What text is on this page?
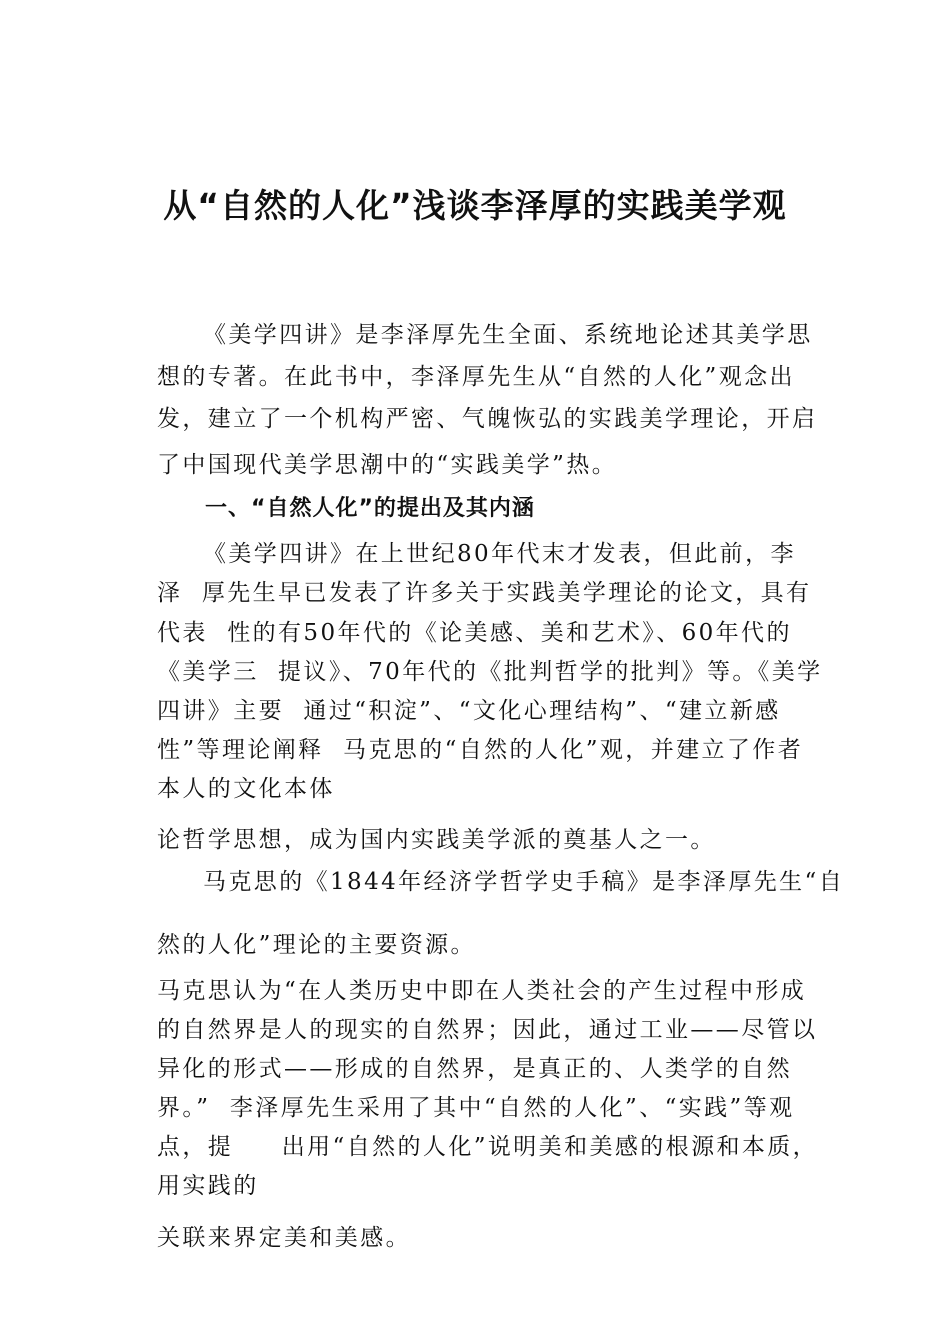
从“自然的人化”浅谈李泽厚的实践美学观

《美学四讲》是李泽厚先生全面、系统地论述其美学思

想的专著。在此书中，李泽厚先生从“自然的人化”观念出

发，建立了一个机构严密、气魄恢弘的实践美学理论，开启

了中国现代美学思潮中的“实践美学”热。

一、“自然人化”的提出及其内涵

《美学四讲》在上世纪80年代末才发表，但此前，李

泽  厚先生早已发表了许多关于实践美学理论的论文，具有

代表  性的有50年代的《论美感、美和艺术》、60年代的

《美学三  提议》、70年代的《批判哲学的批判》等。《美学

四讲》主要  通过“积淀”、“文化心理结构”、“建立新感

性”等理论阐释  马克思的“自然的人化”观，并建立了作者

本人的文化本体

论哲学思想，成为国内实践美学派的奠基人之一。

马克思的《1844年经济学哲学史手稿》是李泽厚先生“自

然的人化”理论的主要资源。

马克思认为“在人类历史中即在人类社会的产生过程中形成

的自然界是人的现实的自然界；因此，通过工业——尽管以

异化的形式——形成的自然界，是真正的、人类学的自然

界。”  李泽厚先生采用了其中“自然的人化”、“实践”等观

点，提     出用“自然的人化”说明美和美感的根源和本质，

用实践的

关联来界定美和美感。
